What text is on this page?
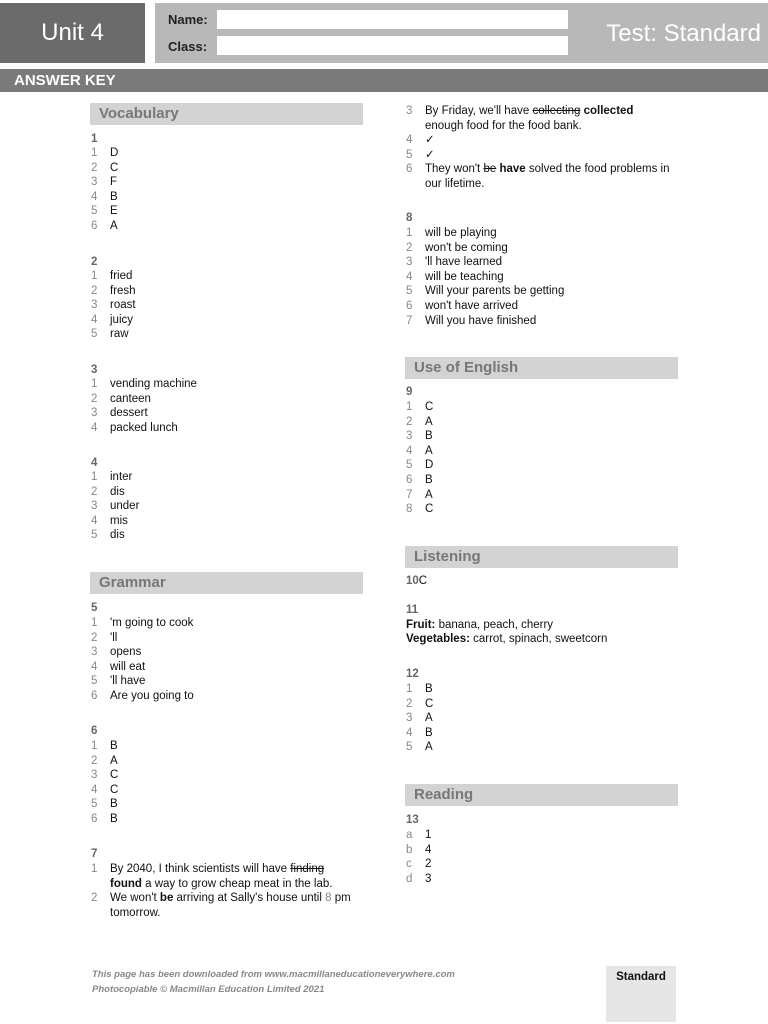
Unit 4	Name:
Class:	Test: Standard
ANSWER KEY
Vocabulary
1
1 D
2 C
3 F
4 B
5 E
6 A
2
1 fried
2 fresh
3 roast
4 juicy
5 raw
3
1 vending machine
2 canteen
3 dessert
4 packed lunch
4
1 inter
2 dis
3 under
4 mis
5 dis
Grammar
5
1 'm going to cook
2 'll
3 opens
4 will eat
5 'll have
6 Are you going to
6
1 B
2 A
3 C
4 C
5 B
6 B
7
1 By 2040, I think scientists will have finding
found a way to grow cheap meat in the lab.
2 We won't be arriving at Sally's house until 8 pm
tomorrow.
3 By Friday, we'll have collecting collected
enough food for the food bank.
4 ✓
5 ✓
6 They won't be have solved the food problems in
our lifetime.
8
1 will be playing
2 won't be coming
3 'll have learned
4 will be teaching
5 Will your parents be getting
6 won't have arrived
7 Will you have finished
Use of English
9
1 C
2 A
3 B
4 A
5 D
6 B
7 A
8 C
Listening
10C
11
Fruit: banana, peach, cherry
Vegetables: carrot, spinach, sweetcorn
12
1 B
2 C
3 A
4 B
5 A
Reading
13
a 1
b 4
c 2
d 3
This page has been downloaded from www.macmillaneducationeverywhere.com
Photocopiable © Macmillan Education Limited 2021
Standard
